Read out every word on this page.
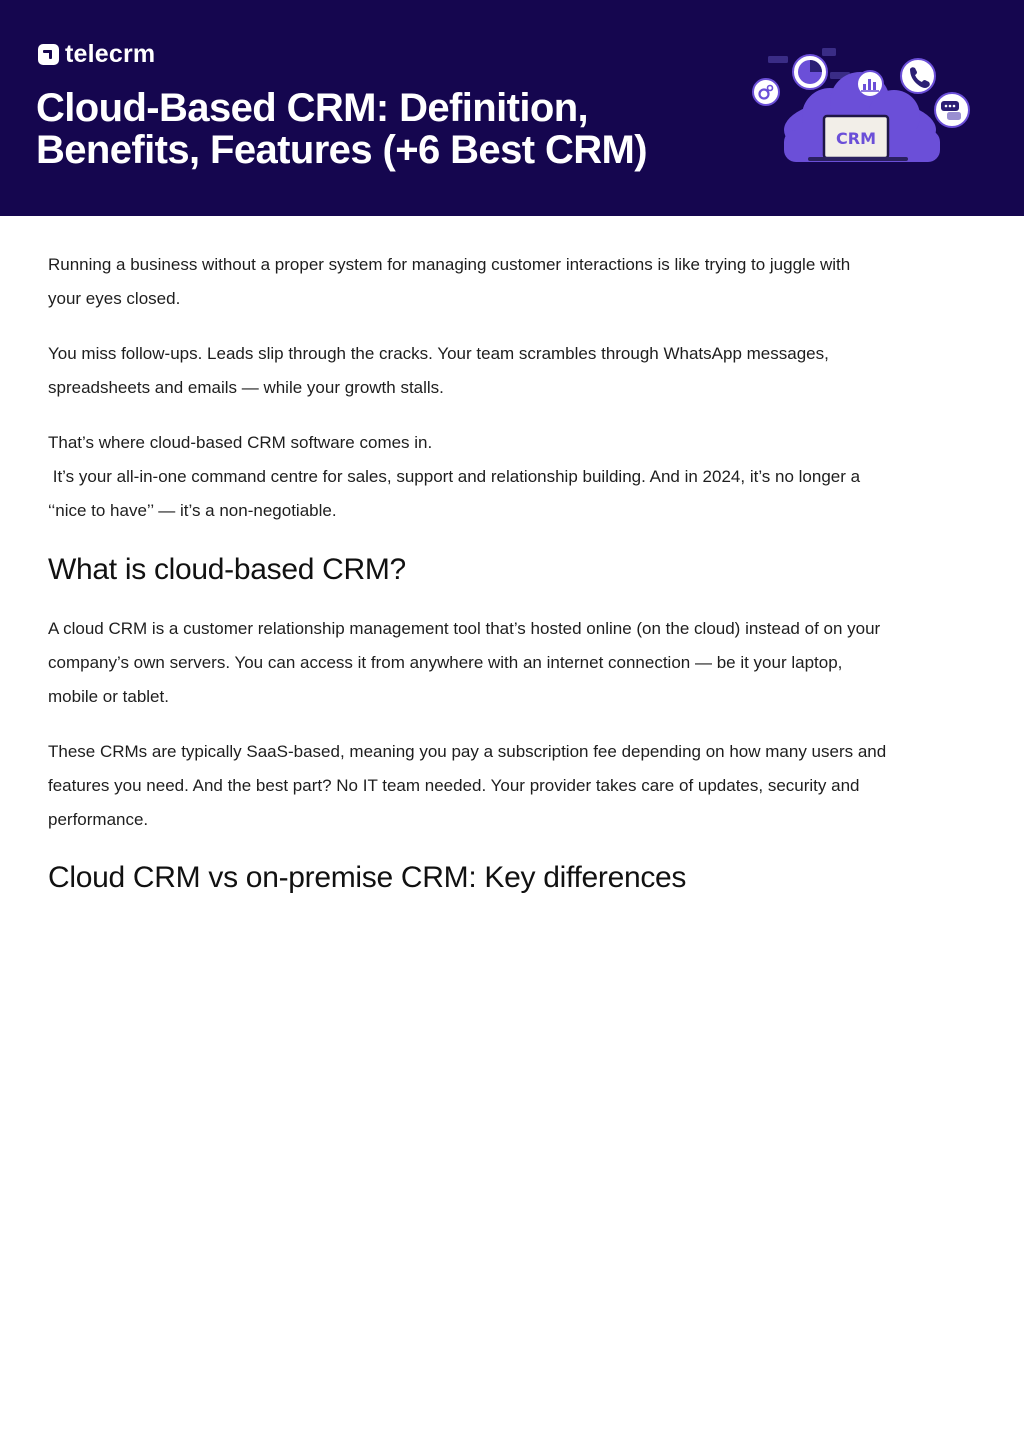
telecrm
Cloud-Based CRM: Definition,
Benefits, Features (+6 Best CRM)	CRM

Running a business without a proper system for managing customer interactions is like trying to juggle with
your eyes closed.

You miss follow-ups. Leads slip through the cracks. Your team scrambles through WhatsApp messages,
spreadsheets and emails — while your growth stalls.

That’s where cloud-based CRM software comes in.
It’s your all-in-one command centre for sales, support and relationship building. And in 2024, it’s no longer a
‘‘nice to have’’ — it’s a non-negotiable.

What is cloud-based CRM?

A cloud CRM is a customer relationship management tool that’s hosted online (on the cloud) instead of on your
company’s own servers. You can access it from anywhere with an internet connection — be it your laptop,
mobile or tablet.

These CRMs are typically SaaS-based, meaning you pay a subscription fee depending on how many users and
features you need. And the best part? No IT team needed. Your provider takes care of updates, security and
performance.

Cloud CRM vs on-premise CRM: Key differences
